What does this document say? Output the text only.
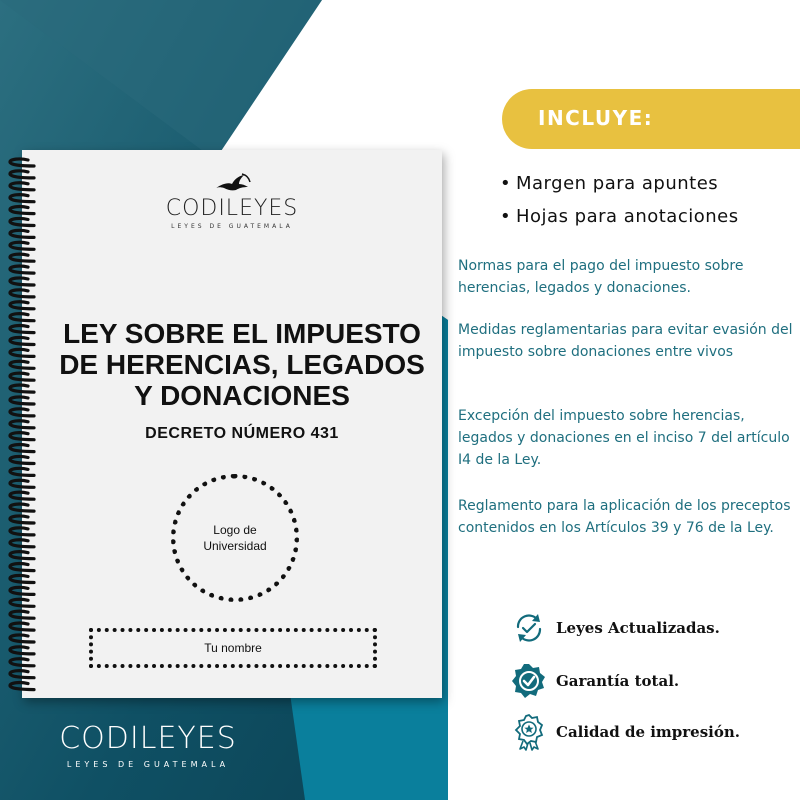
CODILEYES
LEYES DE GUATEMALA
LEY SOBRE EL IMPUESTO
DE HERENCIAS, LEGADOS
Y DONACIONES
DECRETO NÚMERO 431
Logo de
Universidad
Tu nombre
CODILEYES
LEYES DE GUATEMALA
INCLUYE:
• Margen para apuntes
• Hojas para anotaciones
Normas para el pago del impuesto sobre herencias, legados y donaciones.
Medidas reglamentarias para evitar evasión del impuesto sobre donaciones entre vivos
Excepción del impuesto sobre herencias, legados y donaciones en el inciso 7 del artículo I4 de la Ley.
Reglamento para la aplicación de los preceptos contenidos en los Artículos 39 y 76 de la Ley.
Leyes Actualizadas.
Garantía total.
Calidad de impresión.
